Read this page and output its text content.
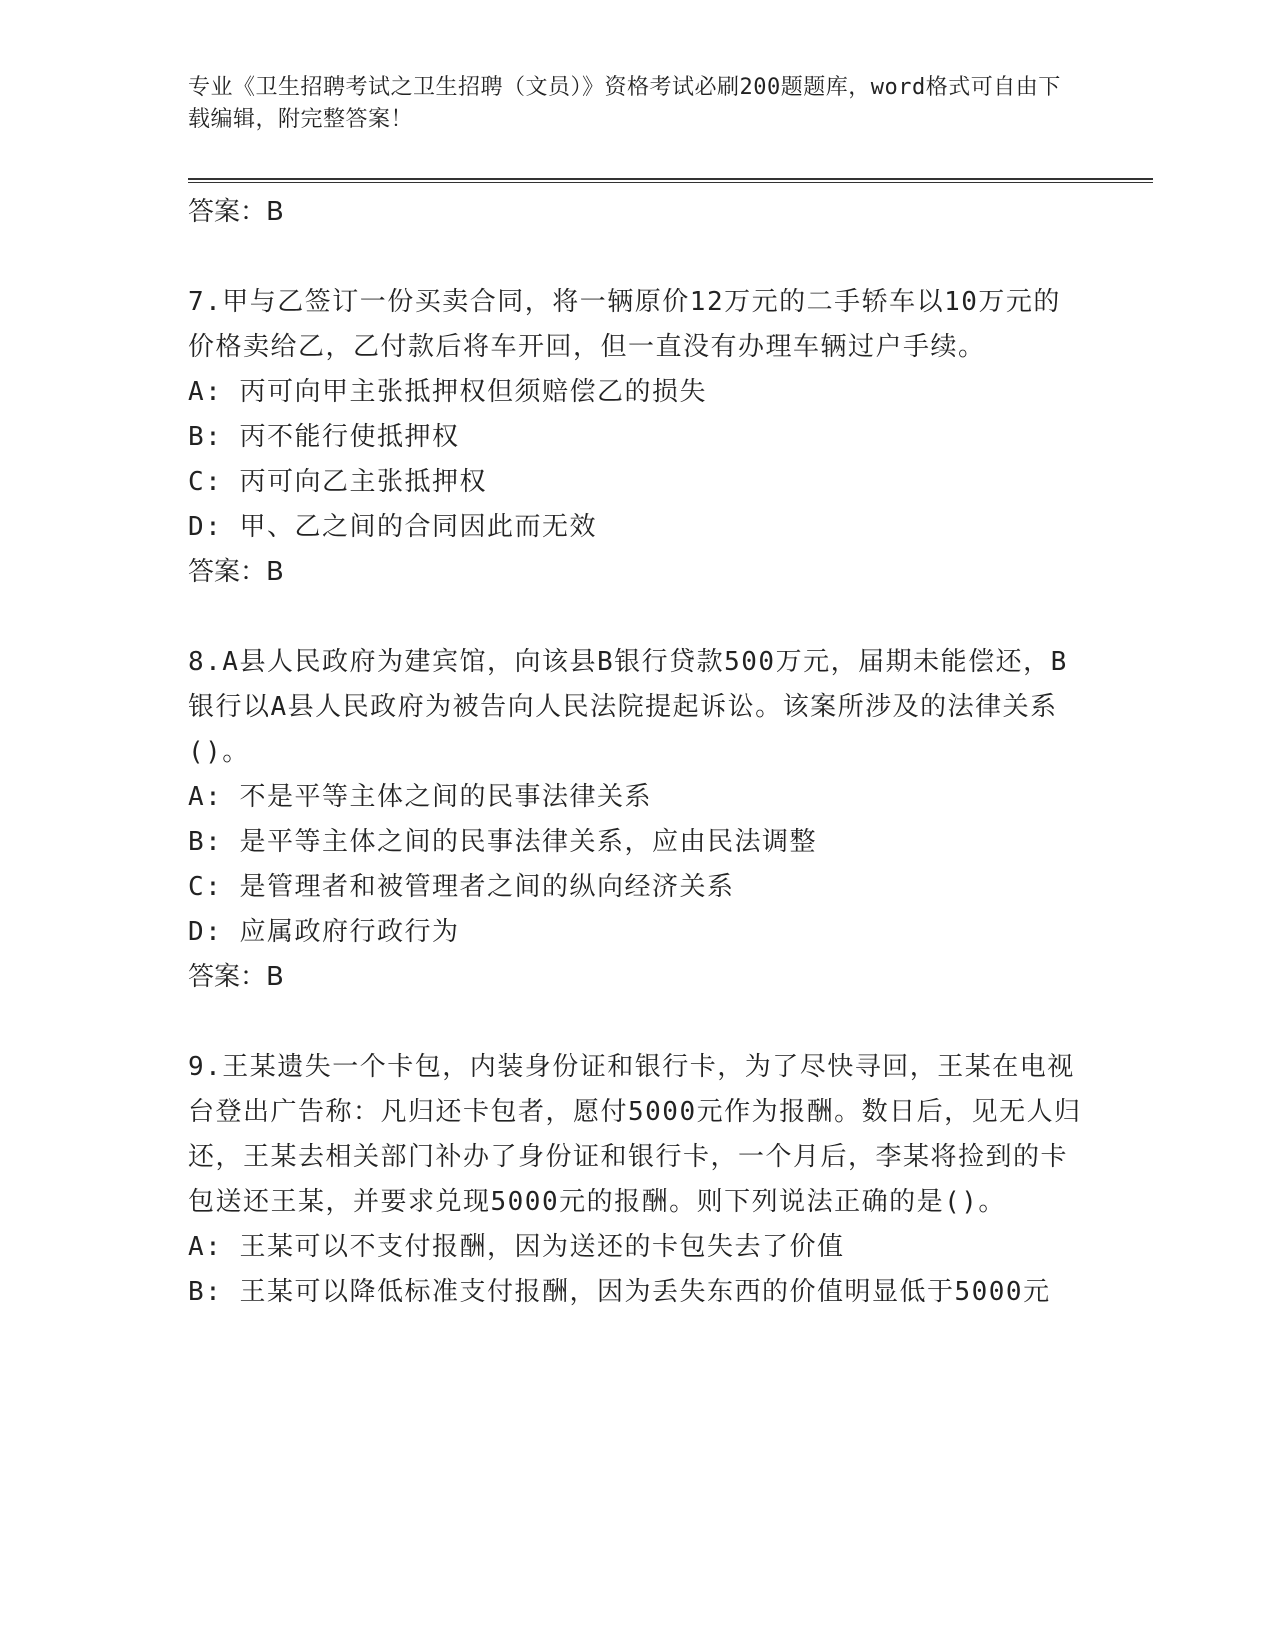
专业《卫生招聘考试之卫生招聘（文员）》资格考试必刷200题题库，word格式可自由下载编辑，附完整答案！
答案：B
7.甲与乙签订一份买卖合同，将一辆原价12万元的二手轿车以10万元的价格卖给乙，乙付款后将车开回，但一直没有办理车辆过户手续。
A: 丙可向甲主张抵押权但须赔偿乙的损失
B: 丙不能行使抵押权
C: 丙可向乙主张抵押权
D: 甲、乙之间的合同因此而无效
答案：B
8.A县人民政府为建宾馆，向该县B银行贷款500万元，届期未能偿还，B银行以A县人民政府为被告向人民法院提起诉讼。该案所涉及的法律关系()。
A: 不是平等主体之间的民事法律关系
B: 是平等主体之间的民事法律关系，应由民法调整
C: 是管理者和被管理者之间的纵向经济关系
D: 应属政府行政行为
答案：B
9.王某遗失一个卡包，内装身份证和银行卡，为了尽快寻回，王某在电视台登出广告称：凡归还卡包者，愿付5000元作为报酬。数日后，见无人归还，王某去相关部门补办了身份证和银行卡，一个月后，李某将捡到的卡包送还王某，并要求兑现5000元的报酬。则下列说法正确的是()。
A: 王某可以不支付报酬，因为送还的卡包失去了价值
B: 王某可以降低标准支付报酬，因为丢失东西的价值明显低于5000元
